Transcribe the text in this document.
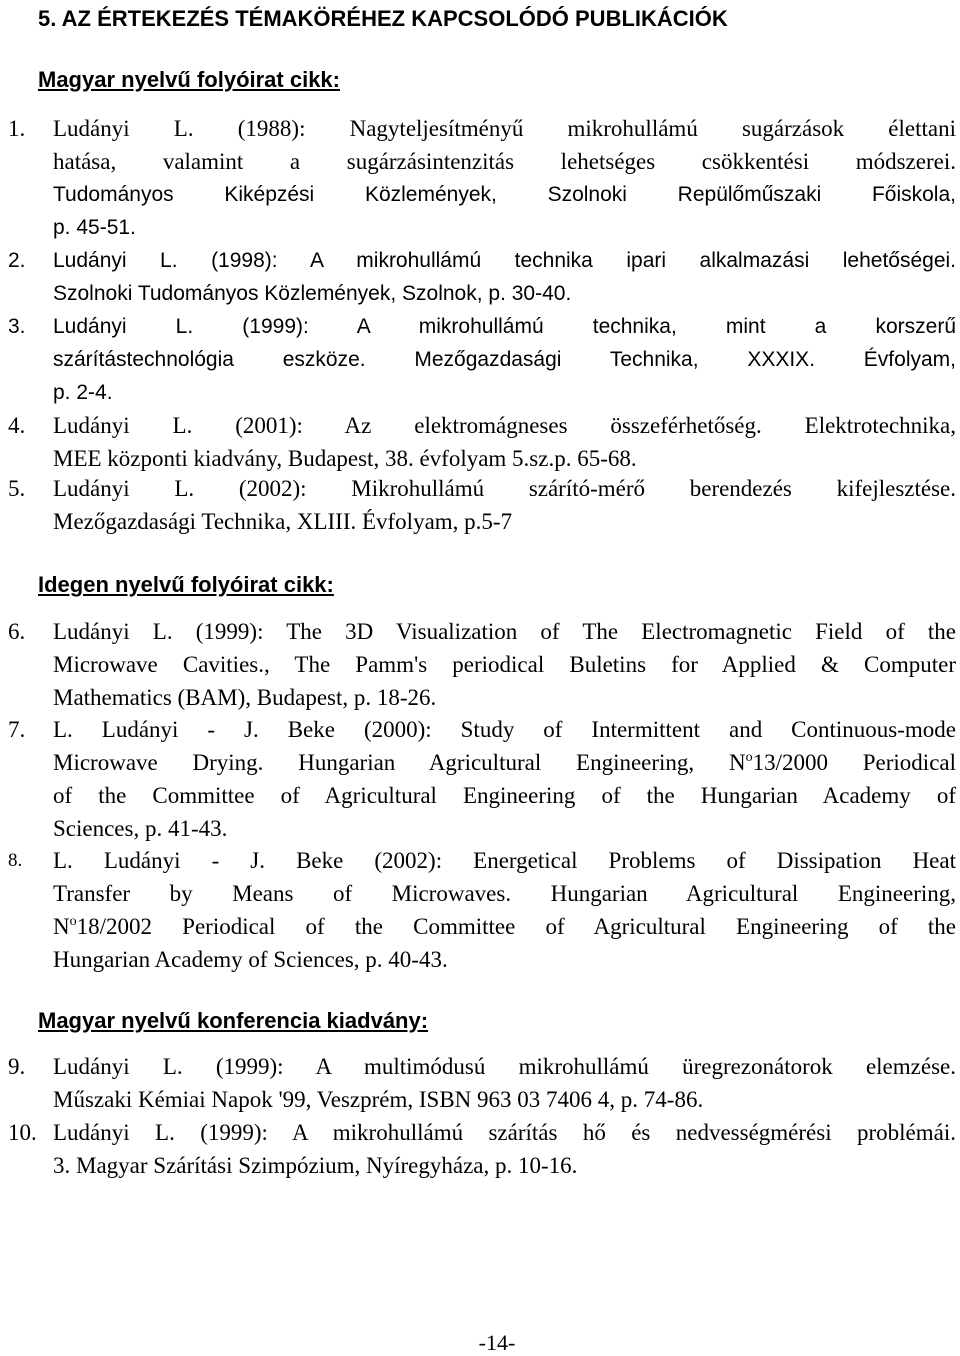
5. AZ ÉRTEKEZÉS TÉMAKÖRÉHEZ KAPCSOLÓDÓ PUBLIKÁCIÓK
Magyar nyelvű folyóirat cikk:
1. Ludányi L. (1988): Nagyteljesítményű mikrohullámú sugárzások élettani
hatása, valamint a sugárzásintenzitás lehetséges csökkentési módszerei.
Tudományos Kiképzési Közlemények, Szolnoki Repülőműszaki Főiskola,
p. 45-51.
2. Ludányi L. (1998): A mikrohullámú technika ipari alkalmazási lehetőségei.
Szolnoki Tudományos Közlemények, Szolnok, p. 30-40.
3. Ludányi L. (1999): A mikrohullámú technika, mint a korszerű
szárítástechnológia eszköze. Mezőgazdasági Technika, XXXIX. Évfolyam,
p. 2-4.
4. Ludányi L. (2001): Az elektromágneses összeférhetőség. Elektrotechnika,
MEE központi kiadvány, Budapest, 38. évfolyam 5.sz.p. 65-68.
5. Ludányi L. (2002): Mikrohullámú szárító-mérő berendezés kifejlesztése.
Mezőgazdasági Technika, XLIII. Évfolyam, p.5-7
Idegen nyelvű folyóirat cikk:
6. Ludányi L. (1999): The 3D Visualization of The Electromagnetic Field of the
Microwave Cavities., The Pamm's periodical Buletins for Applied & Computer
Mathematics (BAM), Budapest, p. 18-26.
7. L. Ludányi - J. Beke (2000): Study of Intermittent and Continuous-mode
Microwave Drying. Hungarian Agricultural Engineering, $N^o13/2000$ Periodical
of the Committee of Agricultural Engineering of the Hungarian Academy of
Sciences, p. 41-43.
8. L. Ludányi - J. Beke (2002): Energetical Problems of Dissipation Heat
Transfer by Means of Microwaves. Hungarian Agricultural Engineering,
$N^o18/2002$ Periodical of the Committee of Agricultural Engineering of the
Hungarian Academy of Sciences, p. 40-43.
Magyar nyelvű konferencia kiadvány:
9. Ludányi L. (1999): A multimódusú mikrohullámú üregrezonátorok elemzése.
Műszaki Kémiai Napok '99, Veszprém, ISBN 963 03 7406 4, p. 74-86.
10. Ludányi L. (1999): A mikrohullámú szárítás hő és nedvességmérési problémái.
3. Magyar Szárítási Szimpózium, Nyíregyháza, p. 10-16.
-14-
